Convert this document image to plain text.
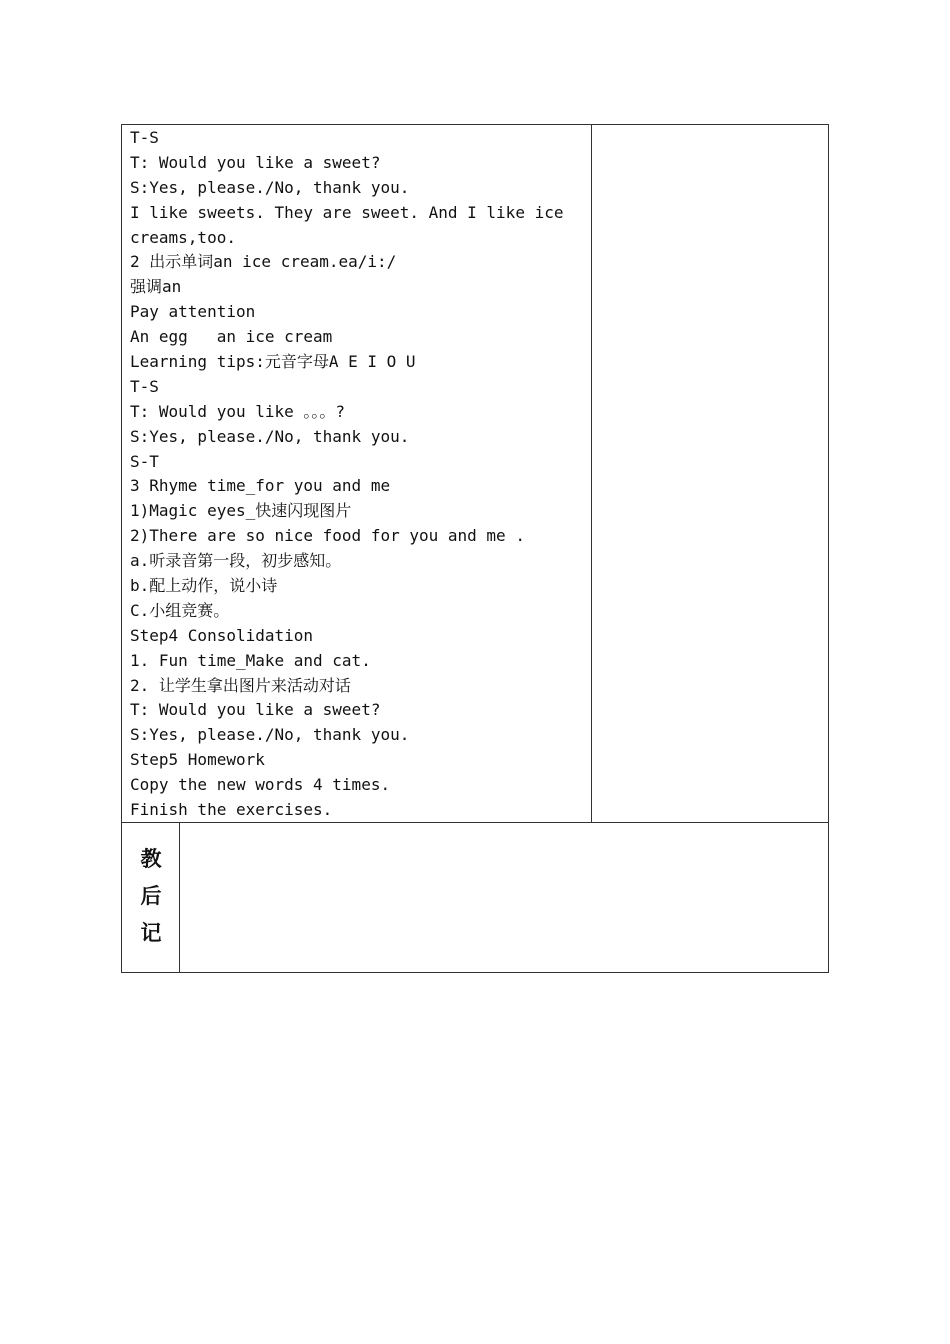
T-S
T: Would you like a sweet?
S:Yes, please./No, thank you.
I like sweets. They are sweet. And I like ice
creams,too.
2 出示单词an ice cream.ea/i:/
强调an
Pay attention
An egg   an ice cream
Learning tips:元音字母A E I O U
T-S
T: Would you like 。。。?
S:Yes, please./No, thank you.
S-T
3 Rhyme time_for you and me
1)Magic eyes_快速闪现图片
2)There are so nice food for you and me .
a.听录音第一段，初步感知。
b.配上动作，说小诗
C.小组竞赛。
Step4 Consolidation
1. Fun time_Make and cat.
2. 让学生拿出图片来活动对话
T: Would you like a sweet?
S:Yes, please./No, thank you.
Step5 Homework
Copy the new words 4 times.
Finish the exercises.
教
后
记
